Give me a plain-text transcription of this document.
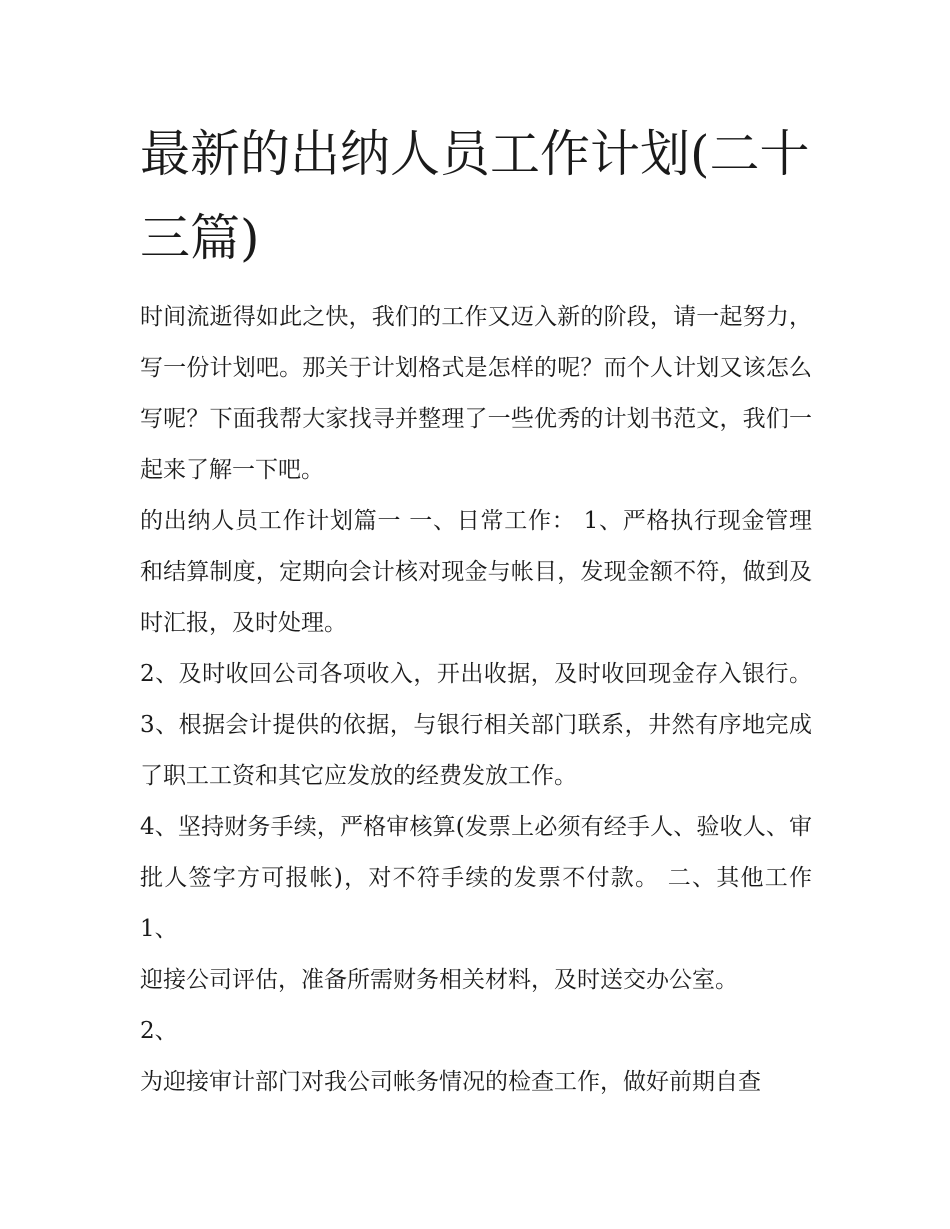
最新的出纳人员工作计划(二十三篇)

时间流逝得如此之快，我们的工作又迈入新的阶段，请一起努力，写一份计划吧。那关于计划格式是怎样的呢？而个人计划又该怎么写呢？下面我帮大家找寻并整理了一些优秀的计划书范文，我们一起来了解一下吧。

的出纳人员工作计划篇一 一、日常工作： 1、严格执行现金管理和结算制度，定期向会计核对现金与帐目，发现金额不符，做到及时汇报，及时处理。

2、及时收回公司各项收入，开出收据，及时收回现金存入银行。 3、根据会计提供的依据，与银行相关部门联系，井然有序地完成了职工工资和其它应发放的经费发放工作。

4、坚持财务手续，严格审核算(发票上必须有经手人、验收人、审批人签字方可报帐)，对不符手续的发票不付款。 二、其他工作 1、

迎接公司评估，准备所需财务相关材料，及时送交办公室。

2、

为迎接审计部门对我公司帐务情况的检查工作，做好前期自查
